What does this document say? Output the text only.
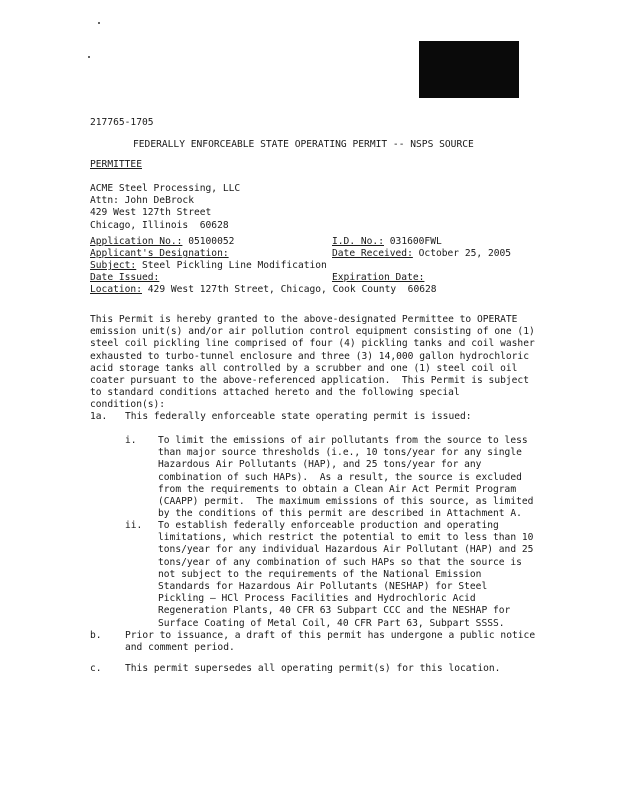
217765-1705
FEDERALLY ENFORCEABLE STATE OPERATING PERMIT -- NSPS SOURCE
PERMITTEE
ACME Steel Processing, LLC
Attn: John DeBrock
429 West 127th Street
Chicago, Illinois  60628
Application No.: 05100052	I.D. No.: 031600FWL
Applicant's Designation:	Date Received: October 25, 2005
Subject: Steel Pickling Line Modification
Date Issued:	Expiration Date:
Location: 429 West 127th Street, Chicago, Cook County  60628
This Permit is hereby granted to the above-designated Permittee to OPERATE
emission unit(s) and/or air pollution control equipment consisting of one (1)
steel coil pickling line comprised of four (4) pickling tanks and coil washer
exhausted to turbo-tunnel enclosure and three (3) 14,000 gallon hydrochloric
acid storage tanks all controlled by a scrubber and one (1) steel coil oil
coater pursuant to the above-referenced application.  This Permit is subject
to standard conditions attached hereto and the following special
condition(s):
1a. This federally enforceable state operating permit is issued:
i. To limit the emissions of air pollutants from the source to less
than major source thresholds (i.e., 10 tons/year for any single
Hazardous Air Pollutants (HAP), and 25 tons/year for any
combination of such HAPs).  As a result, the source is excluded
from the requirements to obtain a Clean Air Act Permit Program
(CAAPP) permit.  The maximum emissions of this source, as limited
by the conditions of this permit are described in Attachment A.
ii. To establish federally enforceable production and operating
limitations, which restrict the potential to emit to less than 10
tons/year for any individual Hazardous Air Pollutant (HAP) and 25
tons/year of any combination of such HAPs so that the source is
not subject to the requirements of the National Emission
Standards for Hazardous Air Pollutants (NESHAP) for Steel
Pickling — HCl Process Facilities and Hydrochloric Acid
Regeneration Plants, 40 CFR 63 Subpart CCC and the NESHAP for
Surface Coating of Metal Coil, 40 CFR Part 63, Subpart SSSS.
b. Prior to issuance, a draft of this permit has undergone a public notice
and comment period.
c. This permit supersedes all operating permit(s) for this location.
